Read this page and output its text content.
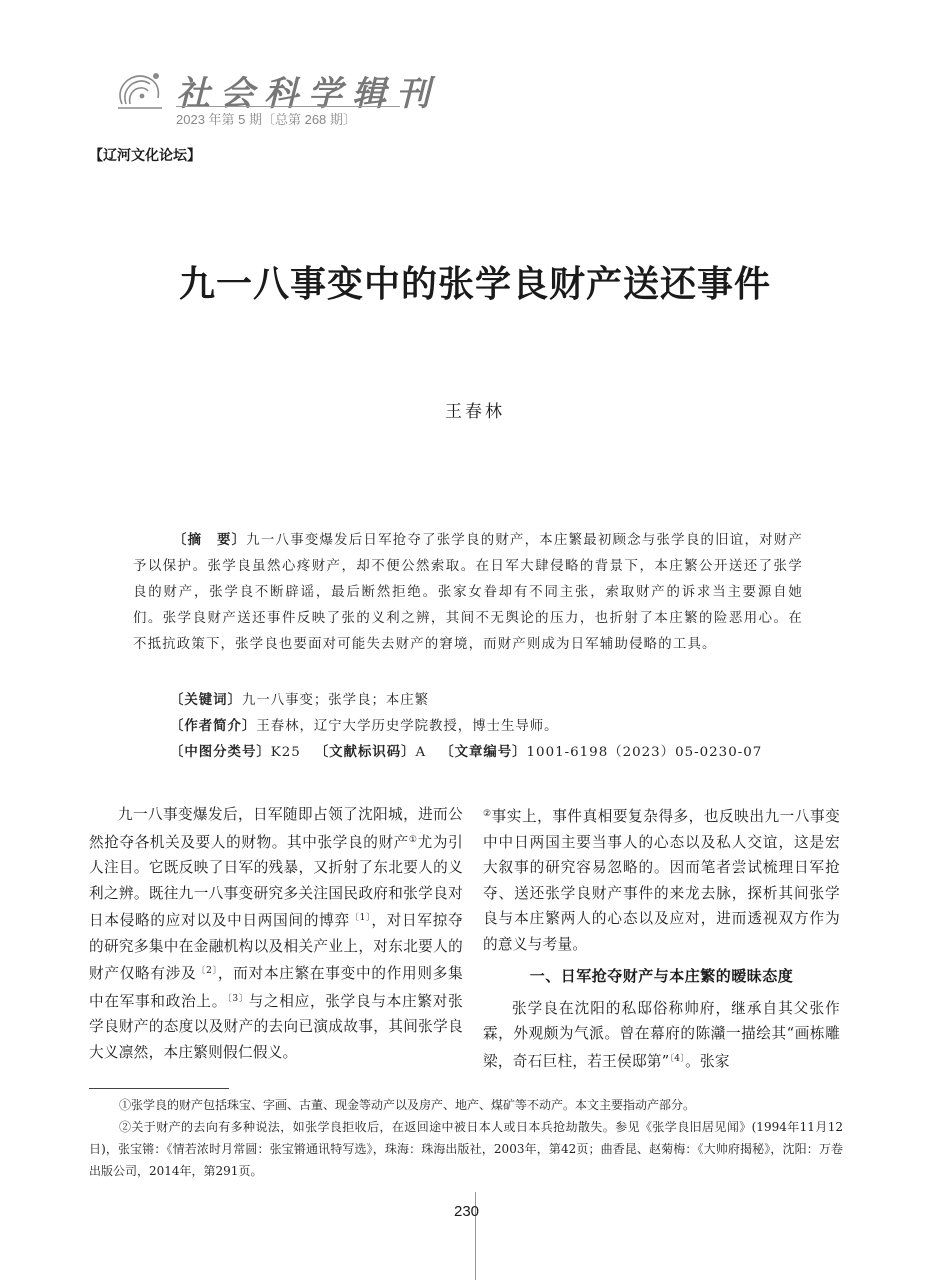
社会科学辑刊
2023 年第 5 期〔总第 268 期〕
【辽河文化论坛】
九一八事变中的张学良财产送还事件
王春林
〔摘　要〕九一八事变爆发后日军抢夺了张学良的财产，本庄繁最初顾念与张学良的旧谊，对财产予以保护。张学良虽然心疼财产，却不便公然索取。在日军大肆侵略的背景下，本庄繁公开送还了张学良的财产，张学良不断辟谣，最后断然拒绝。张家女眷却有不同主张，索取财产的诉求当主要源自她们。张学良财产送还事件反映了张的义利之辨，其间不无舆论的压力，也折射了本庄繁的险恶用心。在不抵抗政策下，张学良也要面对可能失去财产的窘境，而财产则成为日军辅助侵略的工具。
〔关键词〕九一八事变；张学良；本庄繁
〔作者简介〕王春林，辽宁大学历史学院教授，博士生导师。
〔中图分类号〕K25 〔文献标识码〕A 〔文章编号〕1001-6198（2023）05-0230-07

九一八事变爆发后，日军随即占领了沈阳城，进而公然抢夺各机关及要人的财物。其中张学良的财产①尤为引人注目。它既反映了日军的残暴，又折射了东北要人的义利之辨。既往九一八事变研究多关注国民政府和张学良对日本侵略的应对以及中日两国间的博弈$^{〔1〕}$，对日军掠夺的研究多集中在金融机构以及相关产业上，对东北要人的财产仅略有涉及$^{〔2〕}$，而对本庄繁在事变中的作用则多集中在军事和政治上。$^{〔3〕}$与之相应，张学良与本庄繁对张学良财产的态度以及财产的去向已演成故事，其间张学良大义凛然，本庄繁则假仁假义。

②事实上，事件真相要复杂得多，也反映出九一八事变中中日两国主要当事人的心态以及私人交谊，这是宏大叙事的研究容易忽略的。因而笔者尝试梳理日军抢夺、送还张学良财产事件的来龙去脉，探析其间张学良与本庄繁两人的心态以及应对，进而透视双方作为的意义与考量。

一、日军抢夺财产与本庄繁的暧昧态度

张学良在沈阳的私邸俗称帅府，继承自其父张作霖，外观颇为气派。曾在幕府的陈灨一描绘其“画栋雕梁，奇石巨柱，若王侯邸第”$^{〔4〕}$。张家

①张学良的财产包括珠宝、字画、古董、现金等动产以及房产、地产、煤矿等不动产。本文主要指动产部分。

②关于财产的去向有多种说法，如张学良拒收后，在返回途中被日本人或日本兵抢劫散失。参见《张学良旧居见闻》(1994年11月12日)，张宝锵：《情若浓时月常圆：张宝锵通讯特写选》，珠海：珠海出版社，2003年，第42页；曲香昆、赵菊梅：《大帅府揭秘》，沈阳：万卷出版公司，2014年，第291页。

230
